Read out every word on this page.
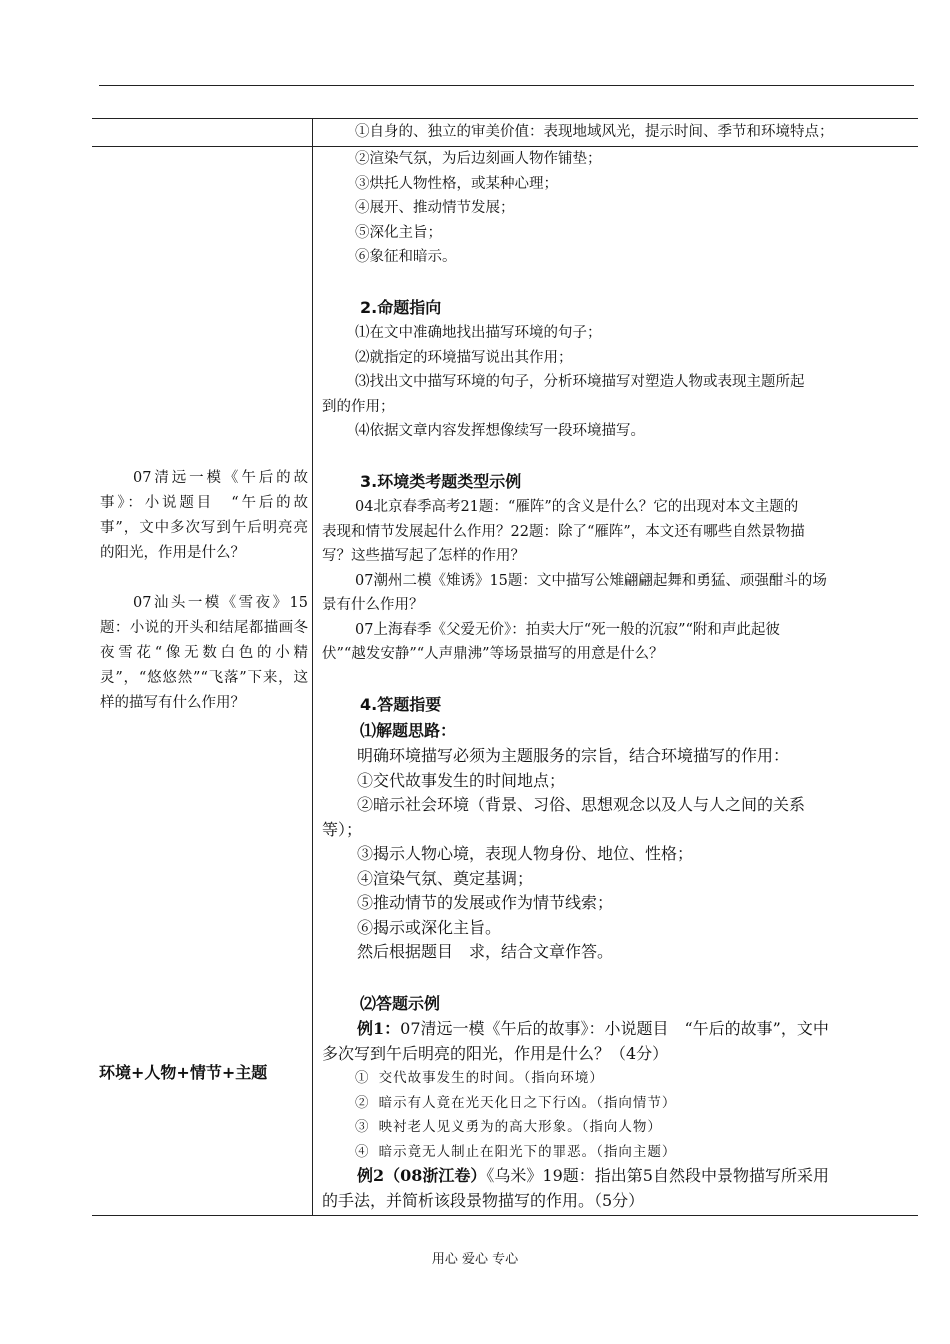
①自身的、独立的审美价值：表现地域风光，提示时间、季节和环境特点；
②渲染气氛，为后边刻画人物作铺垫；
③烘托人物性格，或某种心理；
④展开、推动情节发展；
⑤深化主旨；
⑥象征和暗示。
2.命题指向
⑴在文中准确地找出描写环境的句子；
⑵就指定的环境描写说出其作用；
⑶找出文中描写环境的句子，分析环境描写对塑造人物或表现主题所起
到的作用；
⑷依据文章内容发挥想像续写一段环境描写。
3.环境类考题类型示例
04北京春季高考21题：“雁阵”的含义是什么？它的出现对本文主题的
表现和情节发展起什么作用？22题：除了“雁阵”，本文还有哪些自然景物描
写？这些描写起了怎样的作用？
07潮州二模《雉诱》15题：文中描写公雉翩翩起舞和勇猛、顽强酣斗的场
景有什么作用？
07上海春季《父爱无价》：拍卖大厅“死一般的沉寂”“附和声此起彼
伏”“越发安静”“人声鼎沸”等场景描写的用意是什么？
4.答题指要
⑴解题思路：
明确环境描写必须为主题服务的宗旨，结合环境描写的作用：
①交代故事发生的时间地点；
②暗示社会环境（背景、习俗、思想观念以及人与人之间的关系
等）；
③揭示人物心境，表现人物身份、地位、性格；
④渲染气氛、奠定基调；
⑤推动情节的发展或作为情节线索；
⑥揭示或深化主旨。
然后根据题目　求，结合文章作答。
⑵答题示例
例1：07清远一模《午后的故事》：小说题目　“午后的故事”，文中
多次写到午后明亮的阳光，作用是什么？（4分）
① 交代故事发生的时间。（指向环境）
② 暗示有人竟在光天化日之下行凶。（指向情节）
③ 映衬老人见义勇为的高大形象。（指向人物）
④ 暗示竟无人制止在阳光下的罪恶。（指向主题）
例2（08浙江卷）《乌米》19题：指出第5自然段中景物描写所采用
的手法，并简析该段景物描写的作用。（5分）
07清远一模《午后的故事》：小说题目　“午后的故事”，文中多次写到午后明亮亮的阳光，作用是什么？
07汕头一模《雪夜》15题：小说的开头和结尾都描画冬夜雪花“像无数白色的小精灵”，“悠悠然”“飞落”下来，这样的描写有什么作用？
环境+人物+情节+主题
用心 爱心 专心
